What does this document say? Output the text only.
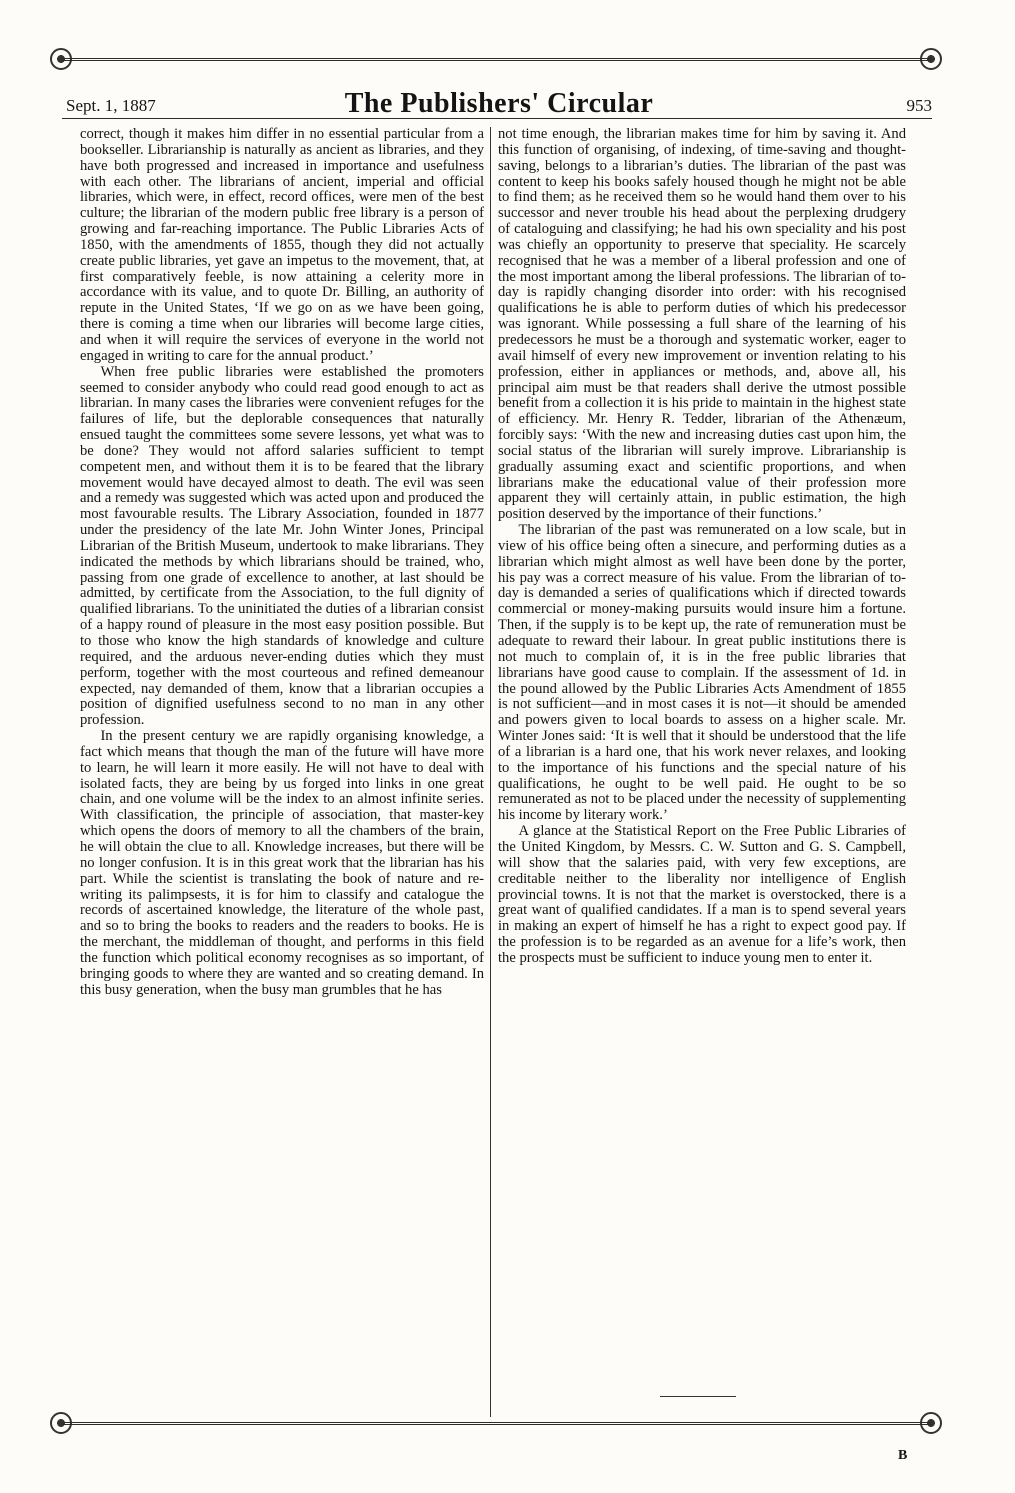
Sept. 1, 1887	The Publishers' Circular	953

correct, though it makes him differ in no essential particular from a bookseller. Librarianship is naturally as ancient as libraries, and they have both progressed and increased in importance and usefulness with each other. The librarians of ancient, imperial and official libraries, which were, in effect, record offices, were men of the best culture; the librarian of the modern public free library is a person of growing and far-reaching importance. The Public Libraries Acts of 1850, with the amendments of 1855, though they did not actually create public libraries, yet gave an impetus to the movement, that, at first comparatively feeble, is now attaining a celerity more in accordance with its value, and to quote Dr. Billing, an authority of repute in the United States, ‘If we go on as we have been going, there is coming a time when our libraries will become large cities, and when it will require the services of everyone in the world not engaged in writing to care for the annual product.’

When free public libraries were established the promoters seemed to consider anybody who could read good enough to act as librarian. In many cases the libraries were convenient refuges for the failures of life, but the deplorable consequences that naturally ensued taught the committees some severe lessons, yet what was to be done? They would not afford salaries sufficient to tempt competent men, and without them it is to be feared that the library movement would have decayed almost to death. The evil was seen and a remedy was suggested which was acted upon and produced the most favourable results. The Library Association, founded in 1877 under the presidency of the late Mr. John Winter Jones, Principal Librarian of the British Museum, undertook to make librarians. They indicated the methods by which librarians should be trained, who, passing from one grade of excellence to another, at last should be admitted, by certificate from the Association, to the full dignity of qualified librarians. To the uninitiated the duties of a librarian consist of a happy round of pleasure in the most easy position possible. But to those who know the high standards of knowledge and culture required, and the arduous never-ending duties which they must perform, together with the most courteous and refined demeanour expected, nay demanded of them, know that a librarian occupies a position of dignified usefulness second to no man in any other profession.

In the present century we are rapidly organising knowledge, a fact which means that though the man of the future will have more to learn, he will learn it more easily. He will not have to deal with isolated facts, they are being by us forged into links in one great chain, and one volume will be the index to an almost infinite series. With classification, the principle of association, that master-key which opens the doors of memory to all the chambers of the brain, he will obtain the clue to all. Knowledge increases, but there will be no longer confusion. It is in this great work that the librarian has his part. While the scientist is translating the book of nature and re-writing its palimpsests, it is for him to classify and catalogue the records of ascertained knowledge, the literature of the whole past, and so to bring the books to readers and the readers to books. He is the merchant, the middleman of thought, and performs in this field the function which political economy recognises as so important, of bringing goods to where they are wanted and so creating demand. In this busy generation, when the busy man grumbles that he has

not time enough, the librarian makes time for him by saving it. And this function of organising, of indexing, of time-saving and thought-saving, belongs to a librarian’s duties. The librarian of the past was content to keep his books safely housed though he might not be able to find them; as he received them so he would hand them over to his successor and never trouble his head about the perplexing drudgery of cataloguing and classifying; he had his own speciality and his post was chiefly an opportunity to preserve that speciality. He scarcely recognised that he was a member of a liberal profession and one of the most important among the liberal professions. The librarian of to-day is rapidly changing disorder into order: with his recognised qualifications he is able to perform duties of which his predecessor was ignorant. While possessing a full share of the learning of his predecessors he must be a thorough and systematic worker, eager to avail himself of every new improvement or invention relating to his profession, either in appliances or methods, and, above all, his principal aim must be that readers shall derive the utmost possible benefit from a collection it is his pride to maintain in the highest state of efficiency. Mr. Henry R. Tedder, librarian of the Athenæum, forcibly says: ‘With the new and increasing duties cast upon him, the social status of the librarian will surely improve. Librarianship is gradually assuming exact and scientific proportions, and when librarians make the educational value of their profession more apparent they will certainly attain, in public estimation, the high position deserved by the importance of their functions.’

The librarian of the past was remunerated on a low scale, but in view of his office being often a sinecure, and performing duties as a librarian which might almost as well have been done by the porter, his pay was a correct measure of his value. From the librarian of to-day is demanded a series of qualifications which if directed towards commercial or money-making pursuits would insure him a fortune. Then, if the supply is to be kept up, the rate of remuneration must be adequate to reward their labour. In great public institutions there is not much to complain of, it is in the free public libraries that librarians have good cause to complain. If the assessment of 1d. in the pound allowed by the Public Libraries Acts Amendment of 1855 is not sufficient—and in most cases it is not—it should be amended and powers given to local boards to assess on a higher scale. Mr. Winter Jones said: ‘It is well that it should be understood that the life of a librarian is a hard one, that his work never relaxes, and looking to the importance of his functions and the special nature of his qualifications, he ought to be well paid. He ought to be so remunerated as not to be placed under the necessity of supplementing his income by literary work.’

A glance at the Statistical Report on the Free Public Libraries of the United Kingdom, by Messrs. C. W. Sutton and G. S. Campbell, will show that the salaries paid, with very few exceptions, are creditable neither to the liberality nor intelligence of English provincial towns. It is not that the market is overstocked, there is a great want of qualified candidates. If a man is to spend several years in making an expert of himself he has a right to expect good pay. If the profession is to be regarded as an avenue for a life’s work, then the prospects must be sufficient to induce young men to enter it.

B
